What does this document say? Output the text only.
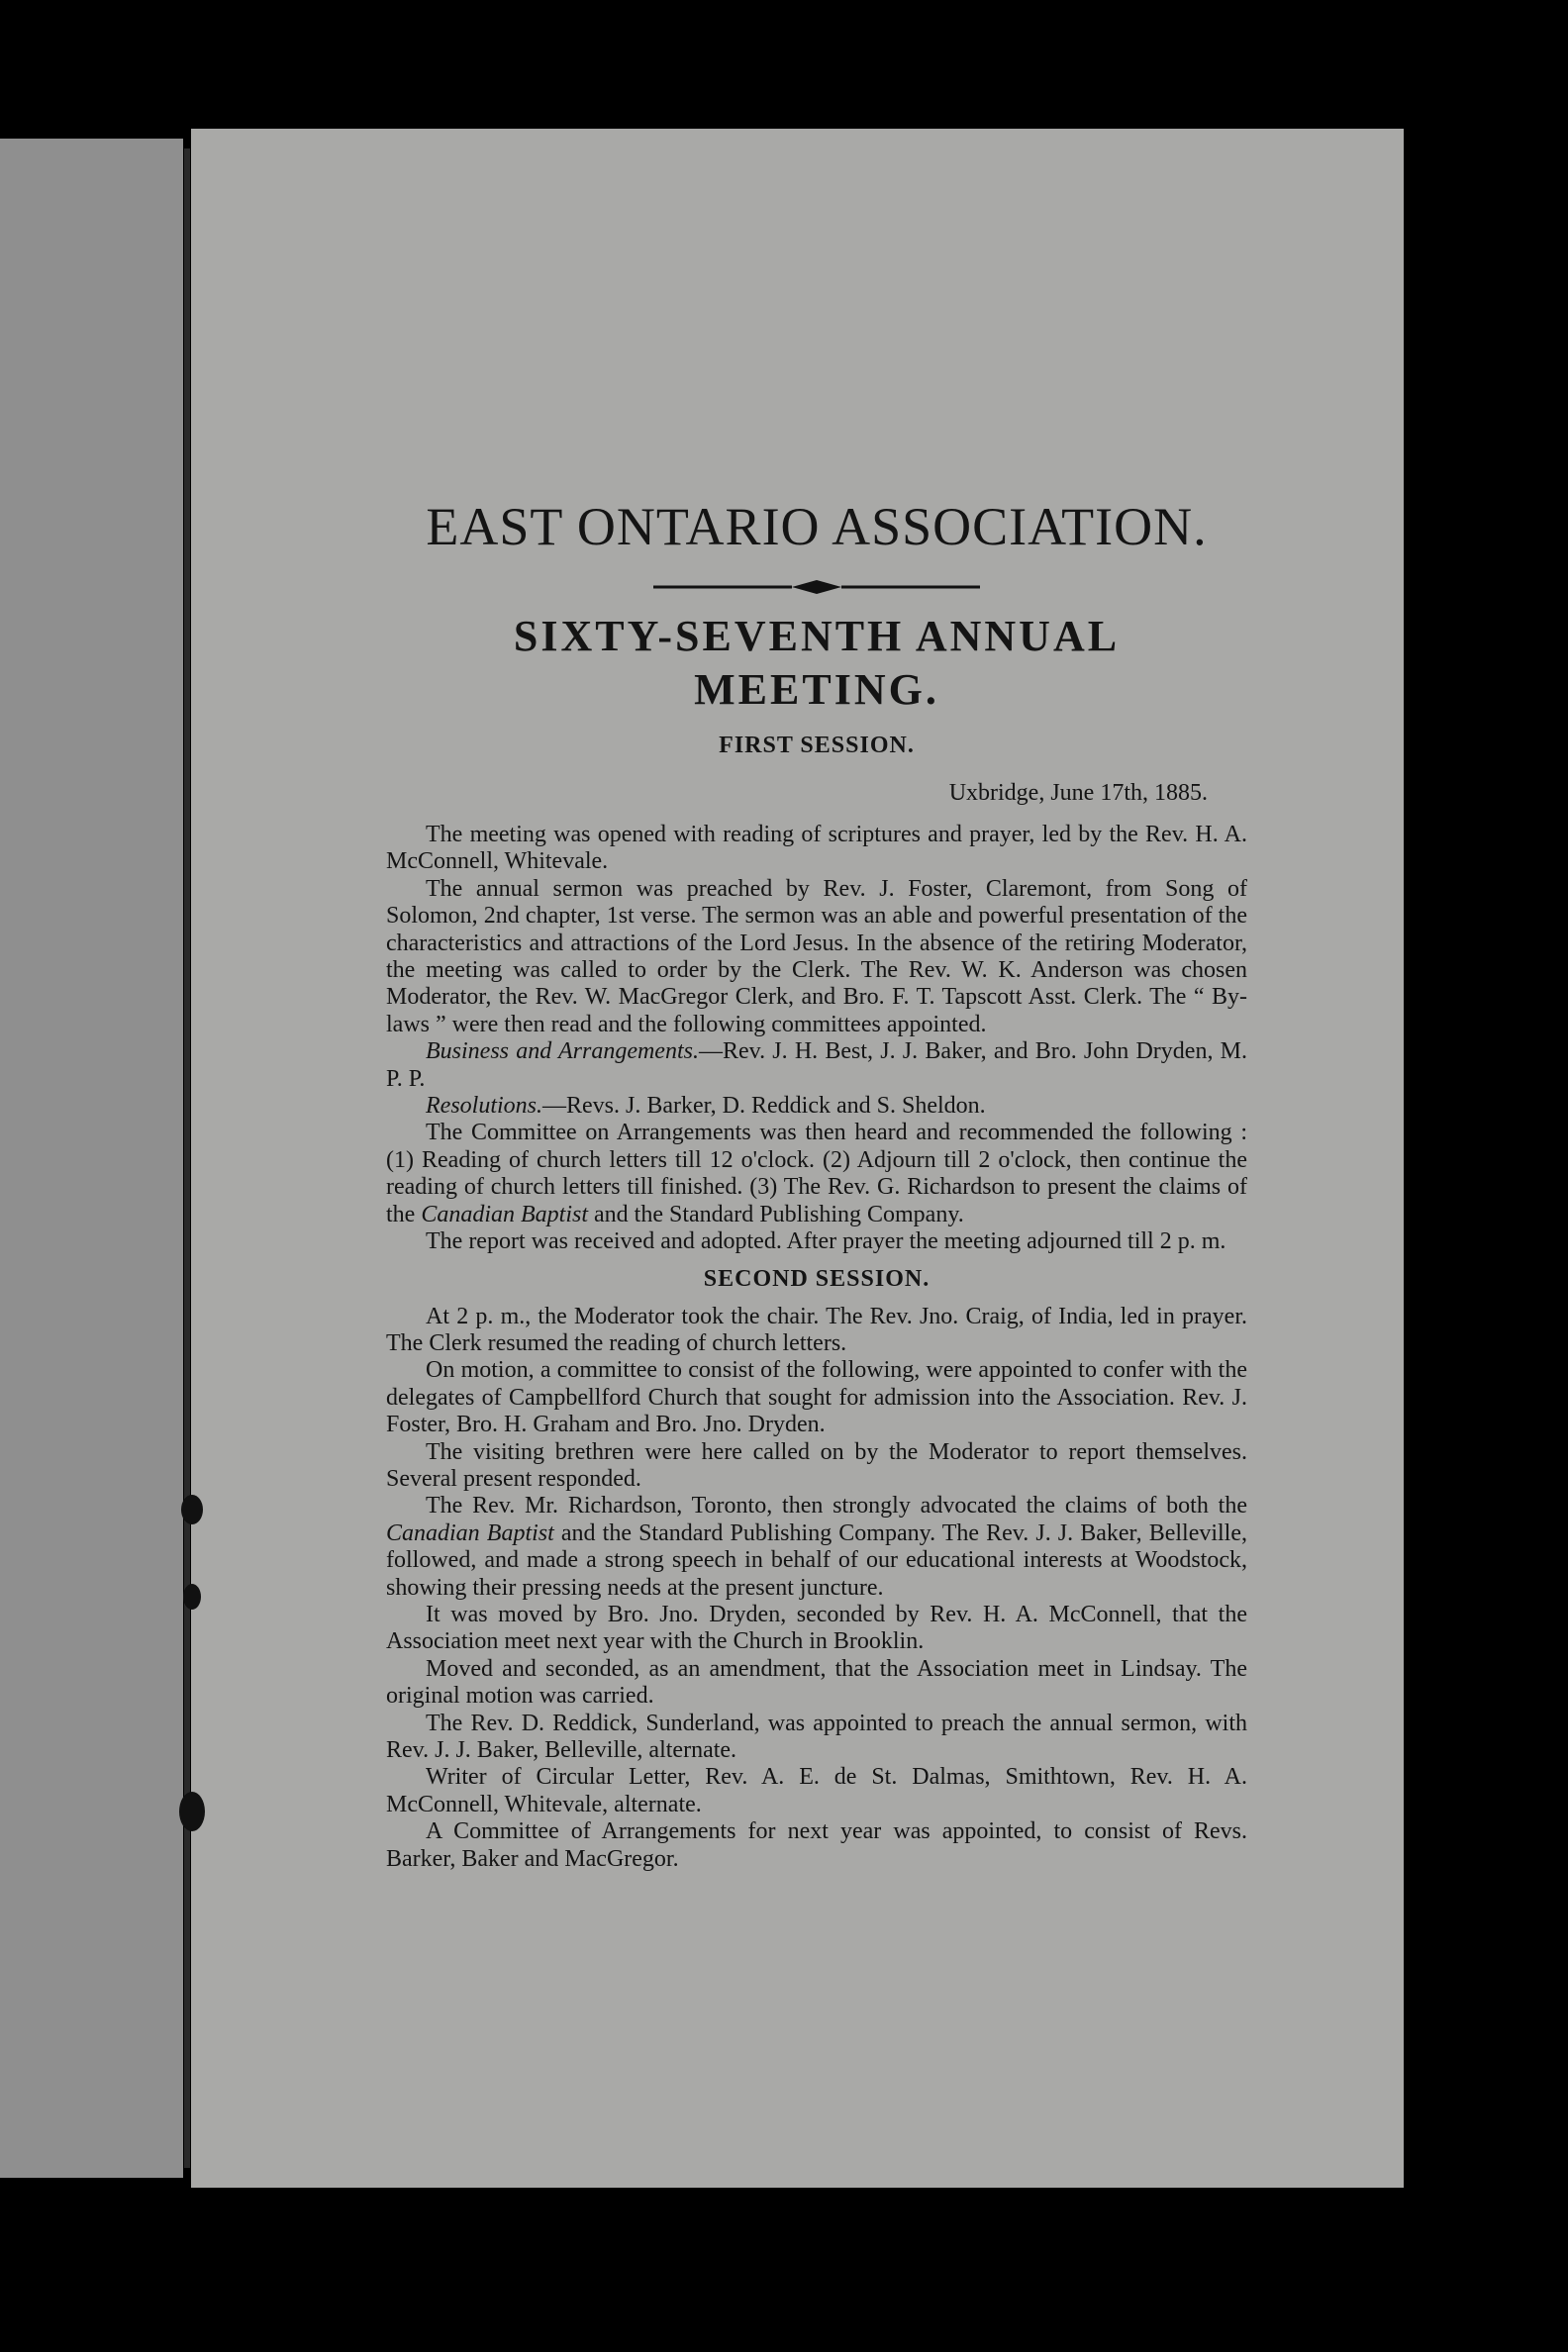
EAST ONTARIO ASSOCIATION.
SIXTY-SEVENTH ANNUAL MEETING.
FIRST SESSION.
Uxbridge, June 17th, 1885.

The meeting was opened with reading of scriptures and prayer, led by the Rev. H. A. McConnell, Whitevale.

The annual sermon was preached by Rev. J. Foster, Claremont, from Song of Solomon, 2nd chapter, 1st verse. The sermon was an able and powerful presentation of the characteristics and attractions of the Lord Jesus. In the absence of the retiring Moderator, the meeting was called to order by the Clerk. The Rev. W. K. Anderson was chosen Moderator, the Rev. W. MacGregor Clerk, and Bro. F. T. Tapscott Asst. Clerk. The “ By-laws ” were then read and the following committees appointed.

Business and Arrangements.—Rev. J. H. Best, J. J. Baker, and Bro. John Dryden, M. P. P.

Resolutions.—Revs. J. Barker, D. Reddick and S. Sheldon.

The Committee on Arrangements was then heard and recommended the following : (1) Reading of church letters till 12 o'clock. (2) Adjourn till 2 o'clock, then continue the reading of church letters till finished. (3) The Rev. G. Richardson to present the claims of the Canadian Baptist and the Standard Publishing Company.

The report was received and adopted. After prayer the meeting adjourned till 2 p. m.

SECOND SESSION.

At 2 p. m., the Moderator took the chair. The Rev. Jno. Craig, of India, led in prayer. The Clerk resumed the reading of church letters.

On motion, a committee to consist of the following, were appointed to confer with the delegates of Campbellford Church that sought for admission into the Association. Rev. J. Foster, Bro. H. Graham and Bro. Jno. Dryden.

The visiting brethren were here called on by the Moderator to report themselves. Several present responded.

The Rev. Mr. Richardson, Toronto, then strongly advocated the claims of both the Canadian Baptist and the Standard Publishing Company. The Rev. J. J. Baker, Belleville, followed, and made a strong speech in behalf of our educational interests at Woodstock, showing their pressing needs at the present juncture.

It was moved by Bro. Jno. Dryden, seconded by Rev. H. A. McConnell, that the Association meet next year with the Church in Brooklin.

Moved and seconded, as an amendment, that the Association meet in Lindsay. The original motion was carried.

The Rev. D. Reddick, Sunderland, was appointed to preach the annual sermon, with Rev. J. J. Baker, Belleville, alternate.

Writer of Circular Letter, Rev. A. E. de St. Dalmas, Smithtown, Rev. H. A. McConnell, Whitevale, alternate.

A Committee of Arrangements for next year was appointed, to consist of Revs. Barker, Baker and MacGregor.
